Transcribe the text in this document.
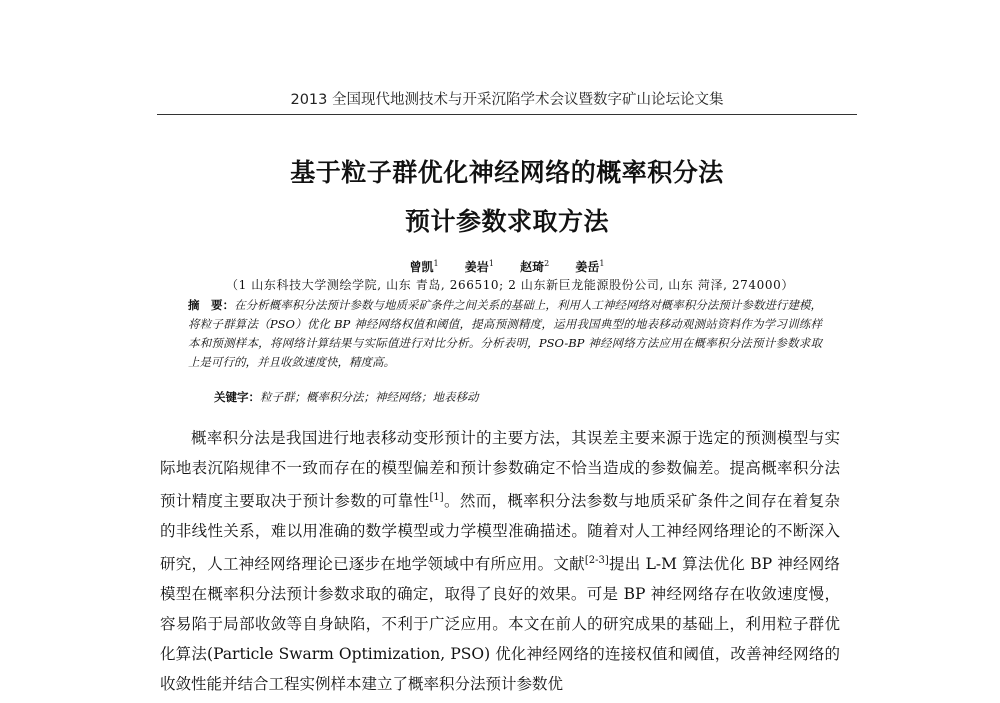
2013 全国现代地测技术与开采沉陷学术会议暨数字矿山论坛论文集
基于粒子群优化神经网络的概率积分法
预计参数求取方法
曾凯$^1$ 姜岩$^1$ 赵琦$^2$ 姜岳$^1$
（1 山东科技大学测绘学院, 山东 青岛, 266510; 2 山东新巨龙能源股份公司, 山东 菏泽, 274000）
摘　要：在分析概率积分法预计参数与地质采矿条件之间关系的基础上，利用人工神经网络对概率积分法预计参数进行建模，将粒子群算法（PSO）优化 BP 神经网络权值和阈值，提高预测精度，运用我国典型的地表移动观测站资料作为学习训练样本和预测样本，将网络计算结果与实际值进行对比分析。分析表明，PSO-BP 神经网络方法应用在概率积分法预计参数求取上是可行的，并且收敛速度快，精度高。
关键字：粒子群；概率积分法；神经网络；地表移动
概率积分法是我国进行地表移动变形预计的主要方法，其误差主要来源于选定的预测模型与实际地表沉陷规律不一致而存在的模型偏差和预计参数确定不恰当造成的参数偏差。提高概率积分法预计精度主要取决于预计参数的可靠性[1]。然而，概率积分法参数与地质采矿条件之间存在着复杂的非线性关系，难以用准确的数学模型或力学模型准确描述。随着对人工神经网络理论的不断深入研究，人工神经网络理论已逐步在地学领域中有所应用。文献[2-3]提出 L-M 算法优化 BP 神经网络模型在概率积分法预计参数求取的确定，取得了良好的效果。可是 BP 神经网络存在收敛速度慢，容易陷于局部收敛等自身缺陷，不利于广泛应用。本文在前人的研究成果的基础上，利用粒子群优化算法(Particle Swarm Optimization, PSO) 优化神经网络的连接权值和阈值，改善神经网络的收敛性能并结合工程实例样本建立了概率积分法预计参数优
